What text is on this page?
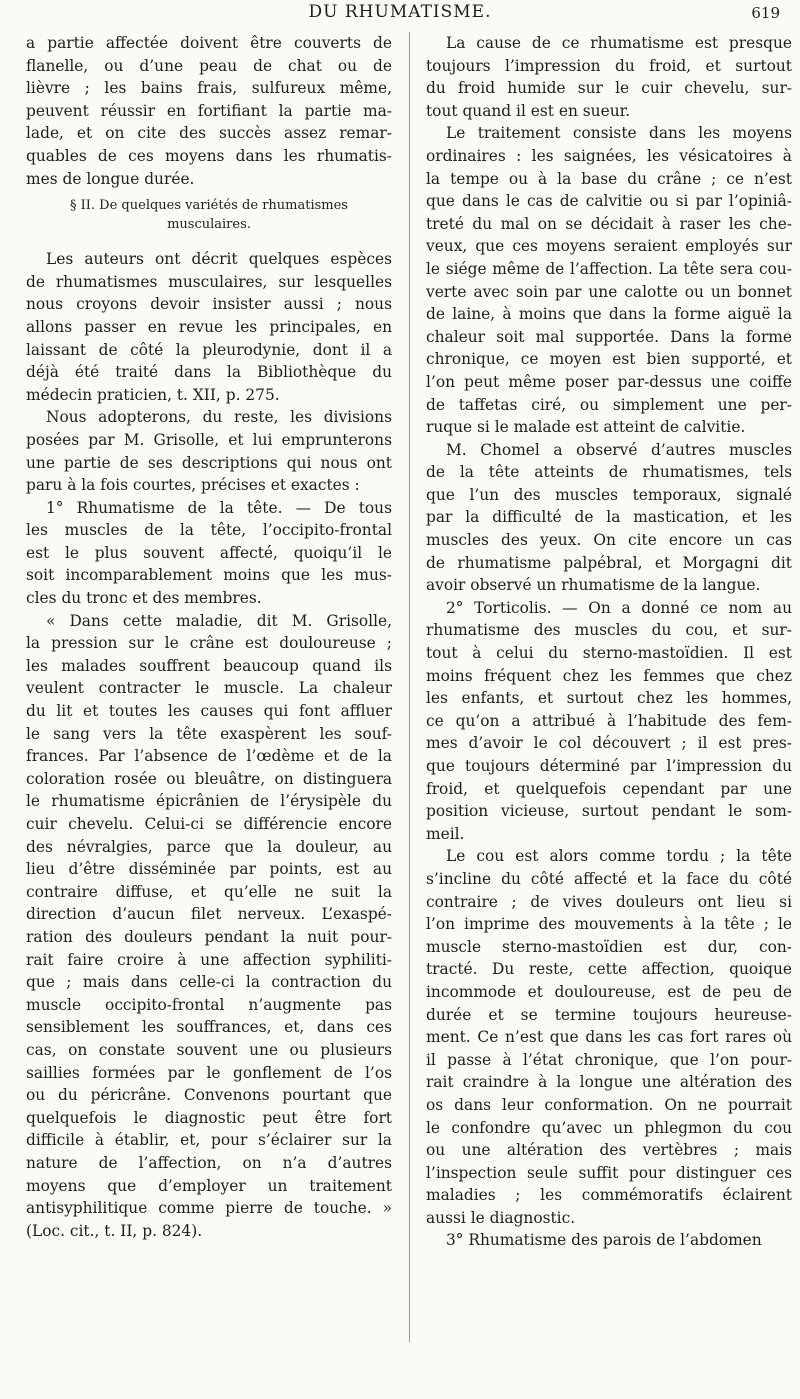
DU RHUMATISME.	619
a partie affectée doivent être couverts de
flanelle, ou d’une peau de chat ou de
lièvre ; les bains frais, sulfureux même,
peuvent réussir en fortifiant la partie ma-
lade, et on cite des succès assez remar-
quables de ces moyens dans les rhumatis-
mes de longue durée.
§ II. De quelques variétés de rhumatismes
musculaires.
Les auteurs ont décrit quelques espèces
de rhumatismes musculaires, sur lesquelles
nous croyons devoir insister aussi ; nous
allons passer en revue les principales, en
laissant de côté la pleurodynie, dont il a
déjà été traité dans la Bibliothèque du
médecin praticien, t. XII, p. 275.
Nous adopterons, du reste, les divisions
posées par M. Grisolle, et lui emprunterons
une partie de ses descriptions qui nous ont
paru à la fois courtes, précises et exactes :
1° Rhumatisme de la tête. — De tous
les muscles de la tête, l’occipito-frontal
est le plus souvent affecté, quoiqu’il le
soit incomparablement moins que les mus-
cles du tronc et des membres.
« Dans cette maladie, dit M. Grisolle,
la pression sur le crâne est douloureuse ;
les malades souffrent beaucoup quand ils
veulent contracter le muscle. La chaleur
du lit et toutes les causes qui font affluer
le sang vers la tête exaspèrent les souf-
frances. Par l’absence de l’œdème et de la
coloration rosée ou bleuâtre, on distinguera
le rhumatisme épicrânien de l’érysipèle du
cuir chevelu. Celui-ci se différencie encore
des névralgies, parce que la douleur, au
lieu d’être disséminée par points, est au
contraire diffuse, et qu’elle ne suit la
direction d’aucun filet nerveux. L’exaspé-
ration des douleurs pendant la nuit pour-
rait faire croire à une affection syphiliti-
que ; mais dans celle-ci la contraction du
muscle occipito-frontal n’augmente pas
sensiblement les souffrances, et, dans ces
cas, on constate souvent une ou plusieurs
saillies formées par le gonflement de l’os
ou du péricrâne. Convenons pourtant que
quelquefois le diagnostic peut être fort
difficile à établir, et, pour s’éclairer sur la
nature de l’affection, on n’a d’autres
moyens que d’employer un traitement
antisyphilitique comme pierre de touche. »
(Loc. cit., t. II, p. 824).
La cause de ce rhumatisme est presque
toujours l’impression du froid, et surtout
du froid humide sur le cuir chevelu, sur-
tout quand il est en sueur.
Le traitement consiste dans les moyens
ordinaires : les saignées, les vésicatoires à
la tempe ou à la base du crâne ; ce n’est
que dans le cas de calvitie ou si par l’opiniâ-
treté du mal on se décidait à raser les che-
veux, que ces moyens seraient employés sur
le siége même de l’affection. La tête sera cou-
verte avec soin par une calotte ou un bonnet
de laine, à moins que dans la forme aiguë la
chaleur soit mal supportée. Dans la forme
chronique, ce moyen est bien supporté, et
l’on peut même poser par-dessus une coiffe
de taffetas ciré, ou simplement une per-
ruque si le malade est atteint de calvitie.
M. Chomel a observé d’autres muscles
de la tête atteints de rhumatismes, tels
que l’un des muscles temporaux, signalé
par la difficulté de la mastication, et les
muscles des yeux. On cite encore un cas
de rhumatisme palpébral, et Morgagni dit
avoir observé un rhumatisme de la langue.
2° Torticolis. — On a donné ce nom au
rhumatisme des muscles du cou, et sur-
tout à celui du sterno-mastoïdien. Il est
moins fréquent chez les femmes que chez
les enfants, et surtout chez les hommes,
ce qu’on a attribué à l’habitude des fem-
mes d’avoir le col découvert ; il est pres-
que toujours déterminé par l’impression du
froid, et quelquefois cependant par une
position vicieuse, surtout pendant le som-
meil.
Le cou est alors comme tordu ; la tête
s’incline du côté affecté et la face du côté
contraire ; de vives douleurs ont lieu si
l’on imprime des mouvements à la tête ; le
muscle sterno-mastoïdien est dur, con-
tracté. Du reste, cette affection, quoique
incommode et douloureuse, est de peu de
durée et se termine toujours heureuse-
ment. Ce n’est que dans les cas fort rares où
il passe à l’état chronique, que l’on pour-
rait craindre à la longue une altération des
os dans leur conformation. On ne pourrait
le confondre qu’avec un phlegmon du cou
ou une altération des vertèbres ; mais
l’inspection seule suffit pour distinguer ces
maladies ; les commémoratifs éclairent
aussi le diagnostic.
3° Rhumatisme des parois de l’abdomen
